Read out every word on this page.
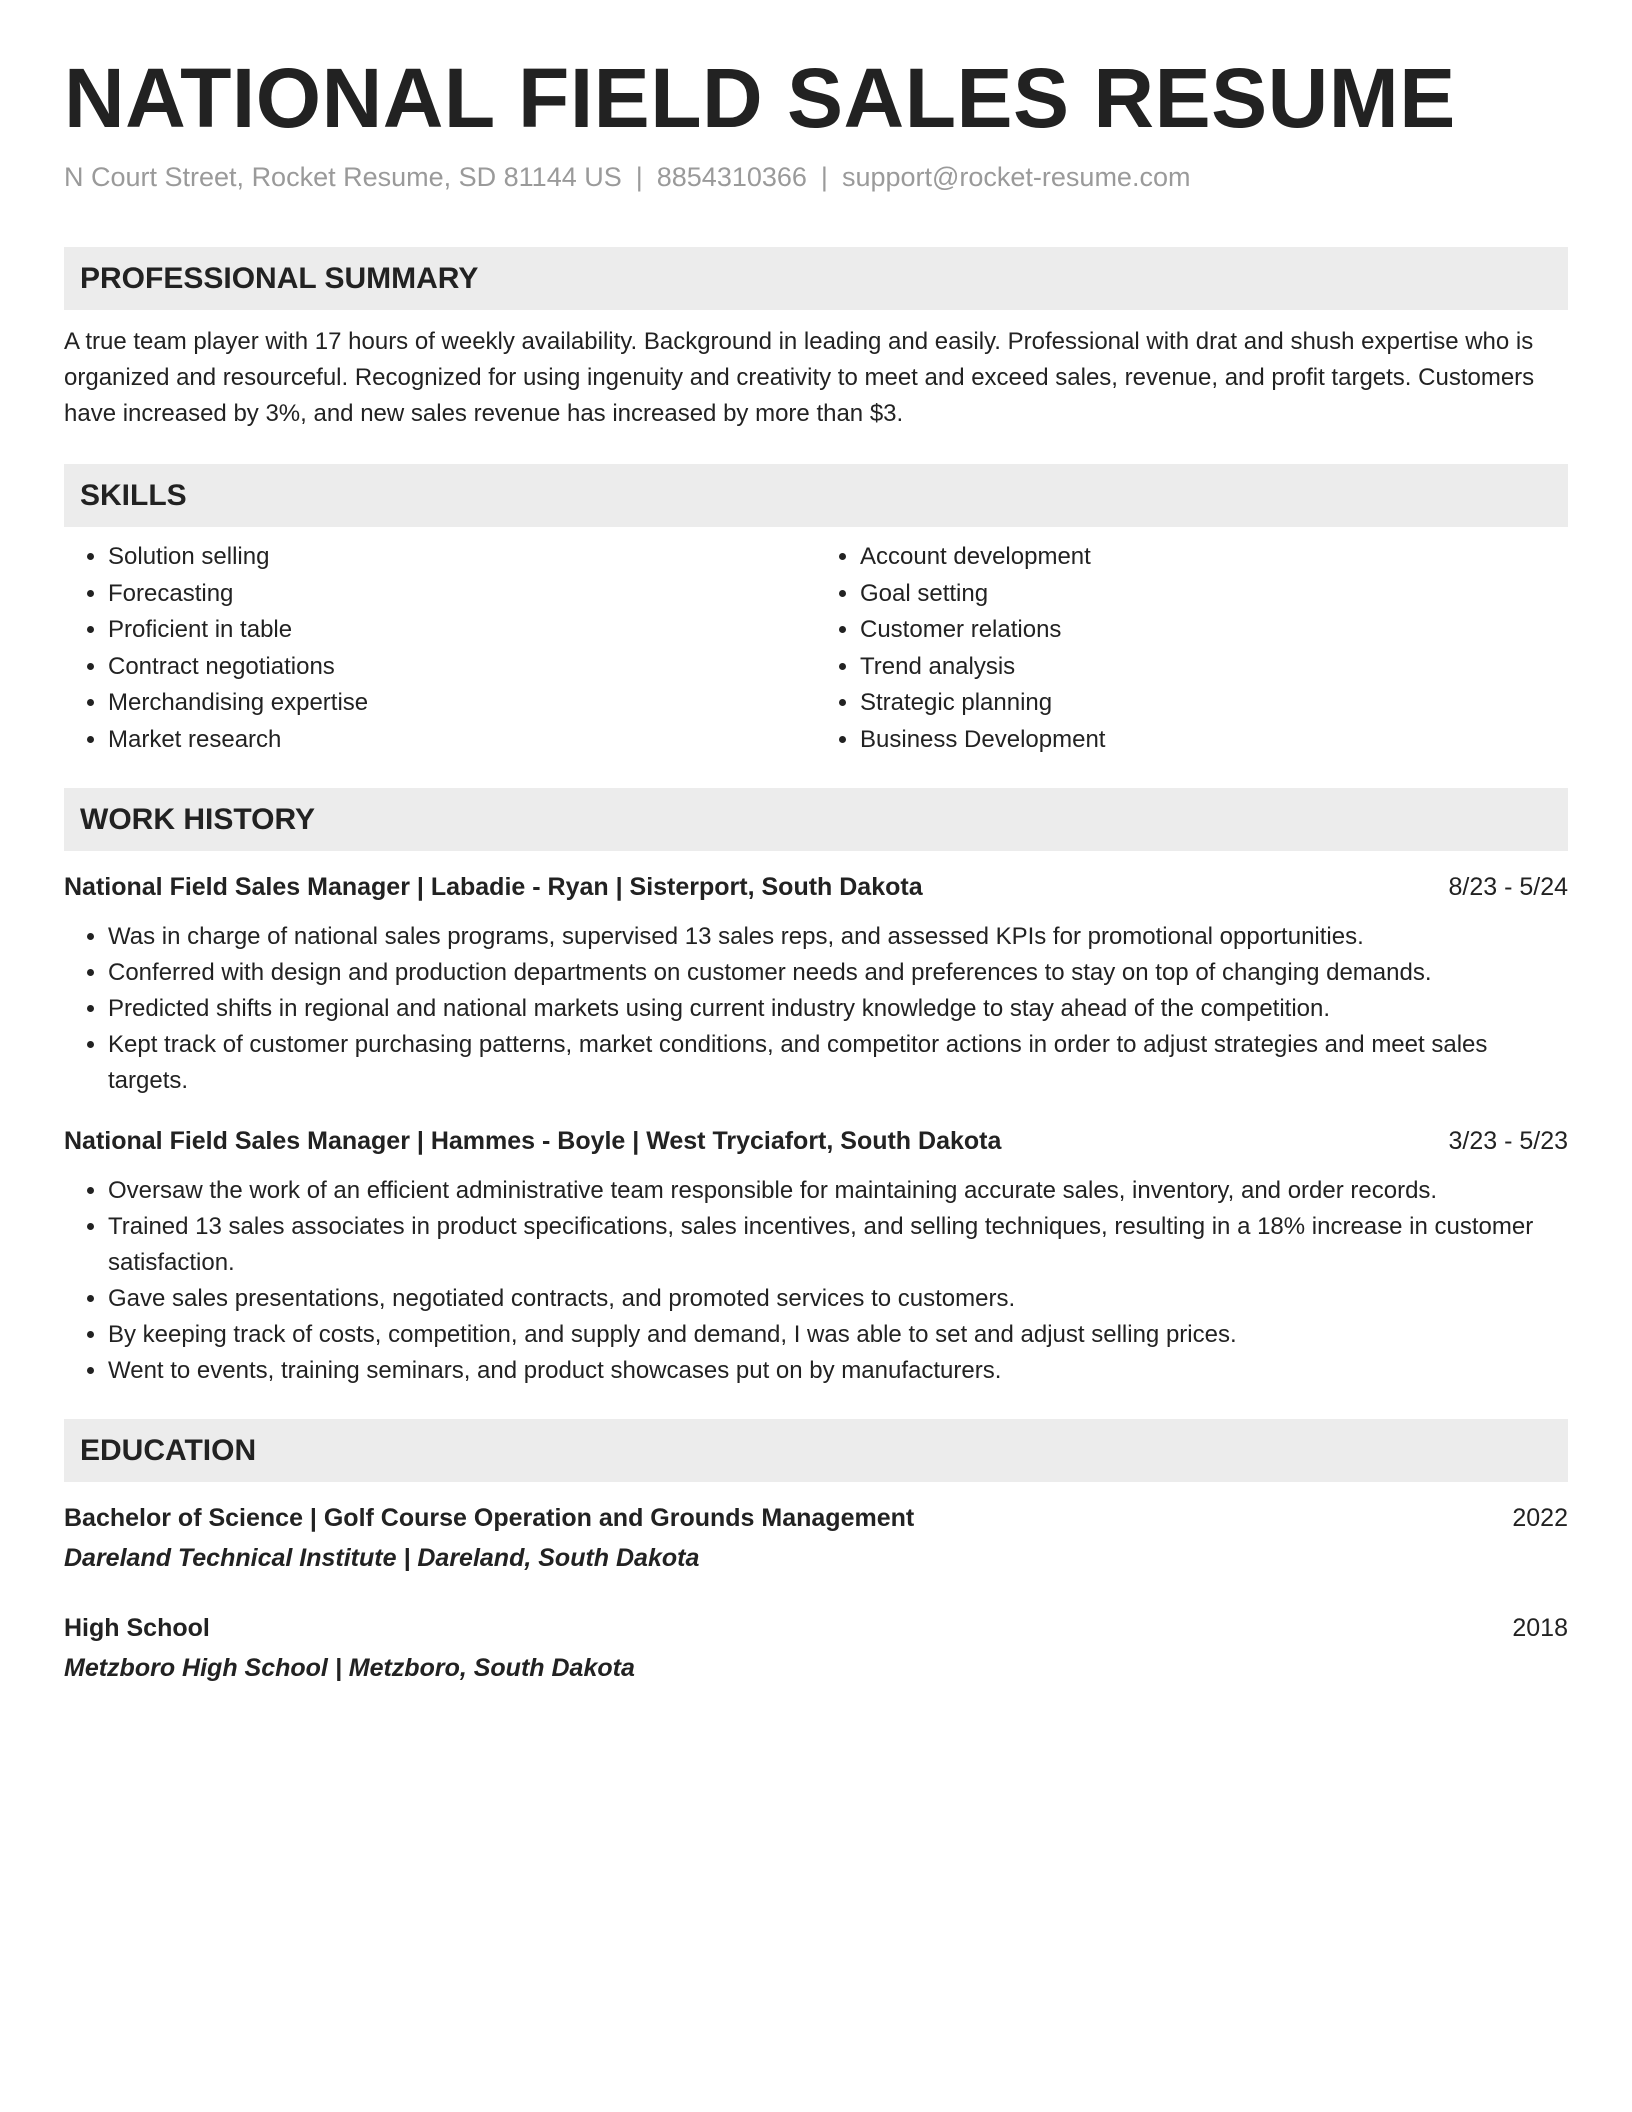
NATIONAL FIELD SALES RESUME
N Court Street, Rocket Resume, SD 81144 US | 8854310366 | support@rocket-resume.com
PROFESSIONAL SUMMARY
A true team player with 17 hours of weekly availability. Background in leading and easily. Professional with drat and shush expertise who is organized and resourceful. Recognized for using ingenuity and creativity to meet and exceed sales, revenue, and profit targets. Customers have increased by 3%, and new sales revenue has increased by more than $3.
SKILLS
• Solution selling
• Forecasting
• Proficient in table
• Contract negotiations
• Merchandising expertise
• Market research
• Account development
• Goal setting
• Customer relations
• Trend analysis
• Strategic planning
• Business Development
WORK HISTORY
National Field Sales Manager | Labadie - Ryan | Sisterport, South Dakota	8/23 - 5/24
• Was in charge of national sales programs, supervised 13 sales reps, and assessed KPIs for promotional opportunities.
• Conferred with design and production departments on customer needs and preferences to stay on top of changing demands.
• Predicted shifts in regional and national markets using current industry knowledge to stay ahead of the competition.
• Kept track of customer purchasing patterns, market conditions, and competitor actions in order to adjust strategies and meet sales targets.
National Field Sales Manager | Hammes - Boyle | West Tryciafort, South Dakota	3/23 - 5/23
• Oversaw the work of an efficient administrative team responsible for maintaining accurate sales, inventory, and order records.
• Trained 13 sales associates in product specifications, sales incentives, and selling techniques, resulting in a 18% increase in customer satisfaction.
• Gave sales presentations, negotiated contracts, and promoted services to customers.
• By keeping track of costs, competition, and supply and demand, I was able to set and adjust selling prices.
• Went to events, training seminars, and product showcases put on by manufacturers.
EDUCATION
Bachelor of Science | Golf Course Operation and Grounds Management	2022
Dareland Technical Institute | Dareland, South Dakota
High School	2018
Metzboro High School | Metzboro, South Dakota
